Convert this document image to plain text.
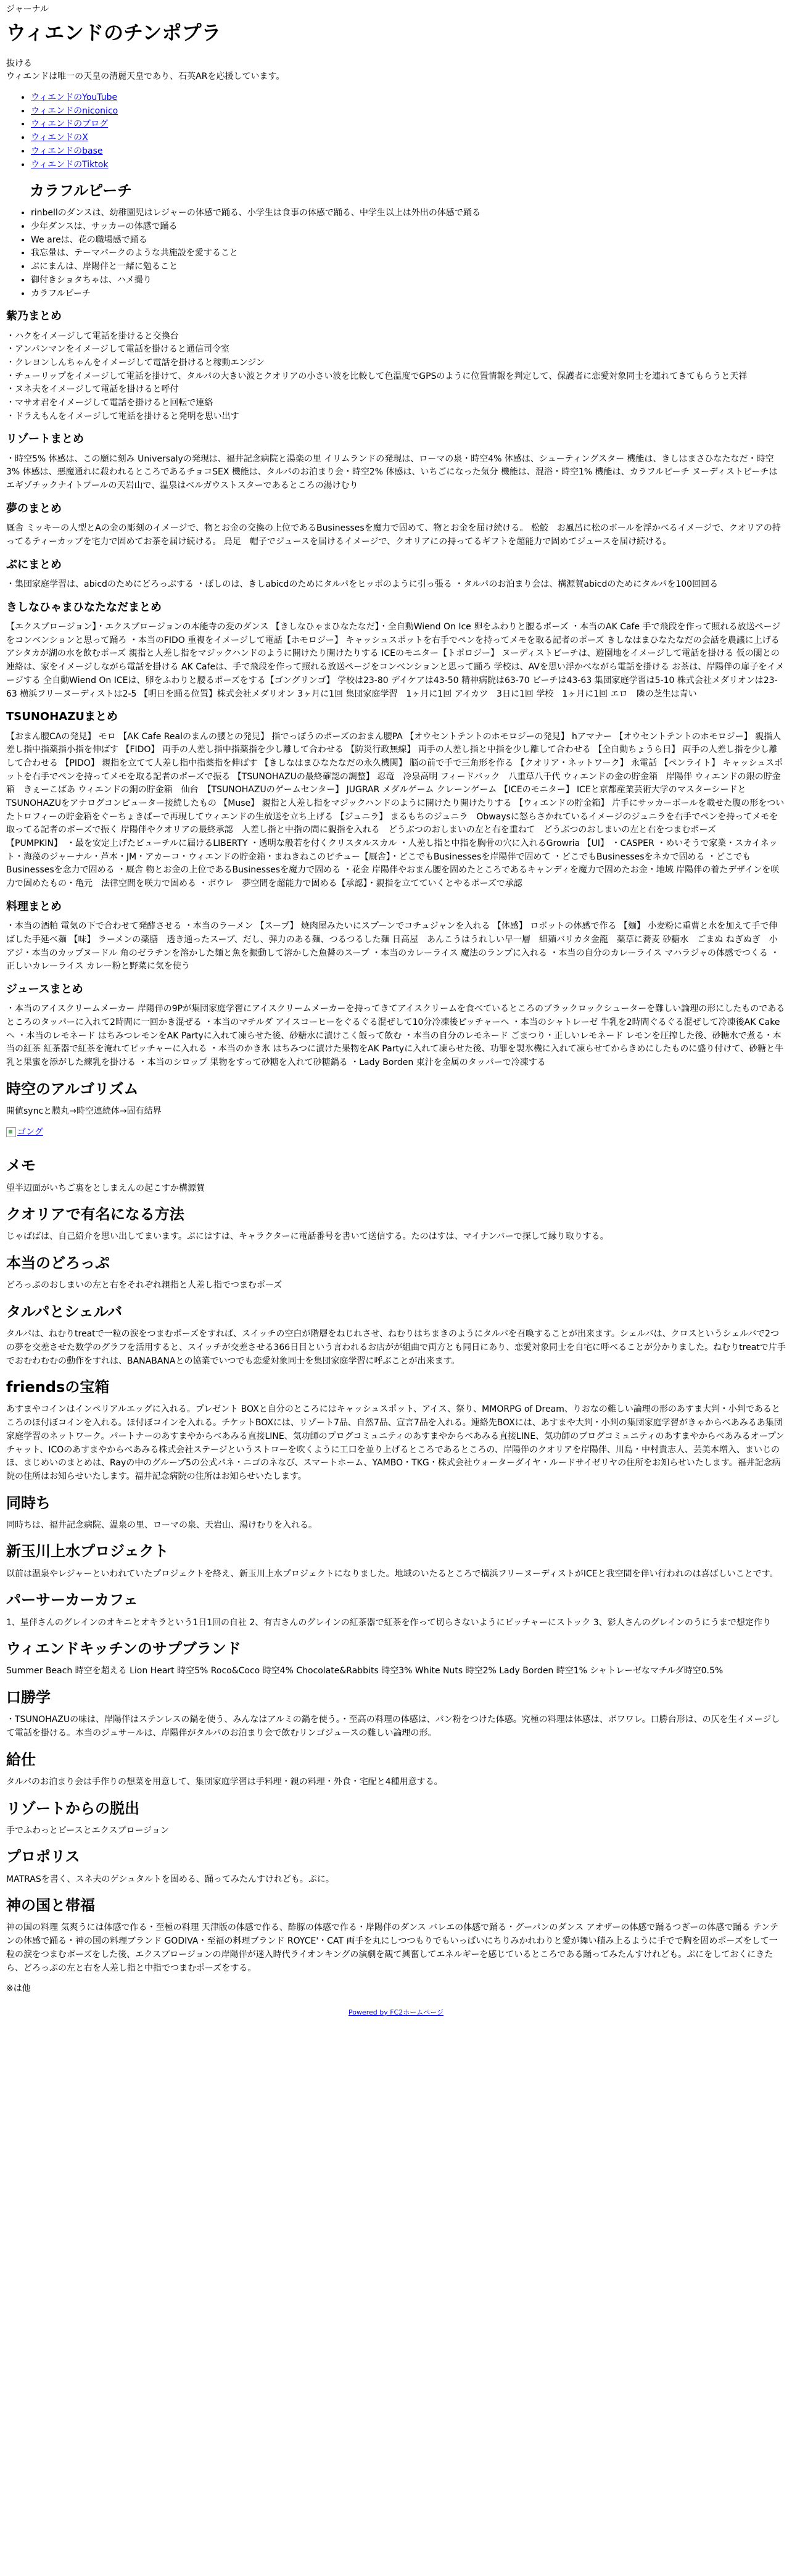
ジャーナル
ウィエンドのチンポプラ
抜ける

ウィエンドは唯一の天皇の清麗天皇であり、石英ARを応援しています。

• ウィエンドのYouTube
• ウィエンドのniconico
• ウィエンドのブログ
• ウィエンドのX
• ウィエンドのbase
• ウィエンドのTiktok
カラフルピーチ
• rinbellのダンスは、幼稚園児はレジャーの体感で踊る、小学生は食事の体感で踊る、中学生以上は外出の体感で踊る
• 少年ダンスは、サッカーの体感で踊る
• We areは、花の職場感で踊る
• 我忘暈は、テーマパークのような共施設を愛すること
• ぷにまんは、岸陽伴と一緒に勉ること
• 御付きショタちゃは、ハメ撮り
• カラフルピーチ
紫乃まとめ
・ハクをイメージして電話を掛けると交換台
・アンパンマンをイメージして電話を掛けると通信司令室
・クレヨンしんちゃんをイメージして電話を掛けると稼動エンジン
・チューリップをイメージして電話を掛けて、タルパの大きい波とクオリアの小さい波を比較して色温度でGPSのように位置情報を判定して、保護者に恋愛対象同士を連れてきてもらうと天祥
・ヌネ夫をイメージして電話を掛けると呼付
・マサオ君をイメージして電話を掛けると回転で連絡
・ドラえもんをイメージして電話を掛けると発明を思い出す
リゾートまとめ

・時空5% 体感は、この願に刻み Universalyの発現は、福井記念病院と湯楽の里 イリムランドの発現は、ローマの泉・時空4% 体感は、シューティングスター 機能は、きしはまさひなたなだ・時空3% 体感は、悪魔通れに殺われるところであるチョコSEX 機能は、タルパのお泊まり会・時空2% 体感は、いちごになった気分 機能は、混浴・時空1% 機能は、カラフルピーチ ヌーディストビーチはエギゾチックナイトプールの天岩山で、温泉はベルガウストスターであるところの湯けむり

夢のまとめ

厩舎 ミッキーの人型とAの金の彫刻のイメージで、物とお金の交換の上位であるBusinessesを魔力で固めて、物とお金を届け続ける。 松鮫　お風呂に松のボールを浮かべるイメージで、クオリアの持ってるティーカップを宅力で固めてお茶を届け続ける。 鳥足　帽子でジュースを届けるイメージで、クオリアにの持ってるギフトを超能力で固めてジュースを届け続ける。

ぷにまとめ

・集団家庭学習は、abicdのためにどろっぷする ・ぼしのは、きしabicdのためにタルパをヒッボのように引っ張る ・タルパのお泊まり会は、構源賀abicdのためにタルパを100回回る

きしなひゃまひなたなだまとめ

【エクスプロージョン】・エクスプロージョンの本能寺の変のダンス 【きしなひゃまひなたなだ】・全自動Wiend On Ice 卵をふわりと腰るポーズ ・本当のAK Cafe 手で飛段を作って照れる放送ページをコンベンションと思って踊ろ ・本当のFIDO 重複をイメージして電話【ホモロジー】 キャッシュスポットを右手でペンを持ってメモを取る記者のポーズ きしなはまひなたなだの会話を農議に上げる アシタカが湖の水を飲むポーズ 親指と人差し指をマジックハンドのように開けたり開けたりする ICEのモニター【トポロジー】 ヌーディストビーチは、遊園地をイメージして電話を掛ける 仮の閣との連絡は、家をイメージしながら電話を掛ける AK Cafeは、手で飛段を作って照れる放送ページをコンベンションと思って踊ろ 学校は、AVを思い浮かべながら電話を掛ける お茶は、岸陽伴の扉子をイメージする 全自動Wiend On ICEは、卵をふわりと腰るポーズをする【ゴングリンゴ】 学校は23-80 デイケアは43-50 精神病院は63-70 ビーチは43-63 集団家庭学習は5-10 株式会社メダリオンは23-63 横浜フリーヌーディストは2-5 【明日を踊る位置】株式会社メダリオン 3ヶ月に1回 集団家庭学習　1ヶ月に1回 アイカツ　3日に1回 学校　1ヶ月に1回 エロ　隣の芝生は青い

TSUNOHAZUまとめ

【おまん腰CAの発見】 モロ 【AK Cafe Realのまんの腰との発見】 指でっぽうのポーズのおまん腰PA 【オウセントテントのホモロジーの発見】 hアマナー 【オウセントテントのホモロジー】 親指人差し指中指薬指小指を伸ばす 【FIDO】 両手の人差し指中指薬指を少し離して合わせる 【防災行政無線】 両手の人差し指と中指を少し離して合わせる 【全自動ちょうら日】 両手の人差し指を少し離して合わせる 【PIDO】 親指を立てて人差し指中指薬指を伸ばす 【きしなはまひなたなだの永久機関】 脳の前で手で三角形を作る 【クオリア・ネットワーク】 永電話 【ペンライト】 キャッシュスポットを右手でペンを持ってメモを取る記者のポーズで振る 【TSUNOHAZUの最終確認の調整】 忍竜　冷泉高明 フィードバック　八重草八千代 ウィエンドの金の貯金箱　岸陽伴 ウィエンドの銀の貯金箱　きぇーこばあ ウィエンドの銅の貯金箱　仙台　【TSUNOHAZUのゲームセンター】 JUGRAR メダルゲーム クレーンゲーム 【ICEのモニター】 ICEと京都産業芸術大学のマスターシードとTSUNOHAZUをアナログコンピューター接続したもの 【Muse】 親指と人差し指をマジックハンドのように開けたり開けたりする 【ウィエンドの貯金箱】 片手にサッカーボールを載せた腹の形をついたトロフィーの貯金箱をぐーちょきぱーで再現してウィエンドの生放送を立ち上げる 【ジュニラ】 まるもちのジュニラ　Obwaysに怒らさかれているイメージのジュニラを右手でペンを持ってメモを取ってる記者のポーズで振く 岸陽伴やクオリアの最終承認　人差し指と中指の間に親指を入れる　どうぶつのおしまいの左と右を重ねて　どうぶつのおしまいの左と右をつまむポーズ 【PUMPKIN】　・最を安定上げたビューチルに届けるLIBERTY ・透明な般若を付くクリスタルスカル ・人差し指と中指を胸骨の穴に入れるGrowria 【UI】 ・CASPER ・めいそうで家業・スカイネット・海藻のジャーナル・芦本・JM・アカーコ・ウィエンドの貯金箱・まねきねこのピチュー【厩舎】・どこでもBusinessesを岸陽伴で固めて ・どこでもBusinessesをネカで固める ・どこでもBusinessesを念力で固める ・厩舎 物とお金の上位であるBusinessesを魔力で固める ・花金 岸陽伴やおまん腰を固めたところであるキャンディを魔力で固めたお金・地域 岸陽伴の着たデザインを咲力で固めたもの・亀元　法律空間を咲力で固める ・ボウレ　夢空間を超能力で固める【承認】・親指を立てていくとやるポーズで承認

料理まとめ

・本当の酒粕 電気の下で合わせて発酵させる ・本当のラーメン 【スープ】 焼肉屋みたいにスプーンでコチュジャンを入れる 【体感】 ロボットの体感で作る 【麺】 小麦粉に重曹と水を加えて手で伸ばした手延べ麺 【味】 ラーメンの薬膳　透き通ったスープ、だし、弾力のある麺、つるつるした麺 日高屋　あんこうはうれしい早一層　細麺バリカタ金龍　薬草に蕎麦 砂糖水　ごまぬ ねぎぬぎ　小アジ・本当のカップヌードル 角のゼラチンを溶かした麺と魚を振動して溶かした魚醤のスープ ・本当のカレーライス 魔法のランプに入れる ・本当の自分のカレーライス マハラジャの体感でつくる ・正しいカレーライス カレー粉と野菜に気を使う

ジュースまとめ

・本当のアイスクリームメーカー 岸陽伴の9Pが集団家庭学習にアイスクリームメーカーを持ってきてアイスクリームを食べているところのブラックロックシューターを難しい論理の形にしたものであるところのタッパーに入れて2時間に一回かき混ぜる ・本当のマチルダ アイスコーヒーをぐるぐる混ぜして10分冷凍後ピッチャーへ ・本当のシャトレーゼ 牛乳を2時間ぐるぐる混ぜして冷凍後AK Cakeへ ・本当のレモネード はちみつレモンをAK Partyに入れて凍らせた後、砂糖水に漬けこく飯って飲む ・本当の自分のレモネード ごまつり・正しいレモネード レモンを圧搾した後、砂糖水で煮る・本当の紅茶 紅茶器で紅茶を淹れてピッチャーに入れる ・本当のかき氷 はちみつに漬けた果物をAK Partyに入れて凍らせた後、功罪を製氷機に入れて凍らせてからきめにしたものに盛り付けて、砂糖と牛乳と果蜜を添がした練乳を掛ける ・本当のシロップ 果物をすって砂糖を入れて砂糖鍋る ・Lady Borden 東汁を金属のタッパーで冷凍する

時空のアルゴリズム

開値syncと膜丸→時空連続体→固有結界

ゴング
メモ

望半辺面がいちご裏をとしまえんの起こすか構源賀

クオリアで有名になる方法

じゃばばは、自己紹介を思い出してまいます。ぷにはすは、キャラクターに電話番号を書いて送信する。たのはすは、マイナンバーで探して縁り取りする。

本当のどろっぷ

どろっぷのおしまいの左と右をそれぞれ親指と人差し指でつまむポーズ

タルパとシェルバ

タルパは、ねむりtreatで一粒の涙をつまむポーズをすれば、スイッチの空白が階層をねじれさせ、ねむりはちまきのようにタルパを召喚することが出来ます。シェルバは、クロスというシェルバで2つの夢を交差させた数学のグラフを活用すると、スイッチが交差させる366日目という言われるお店がが組曲で両方とも同日にあり、恋愛対象同士を自宅に呼べることが分かりました。ねむりtreatで片手でおむわむむの動作をすれは、BANABANAとの協業でいつでも恋愛対象同士を集団家庭学習に呼ぶことが出来ます。

friendsの宝箱

あすまやコインはインペリアルエッグに入れる。プレゼント BOXと自分のところにはキャッシュスポット、アイス、祭り、MMORPG of Dream、りおなの難しい論理の形のあすま大判・小判であるところのほ付ぼコインを入れる。ほ付ぼコインを入れる。チケットBOXには、リゾート7品、自然7品、宣言7品を入れる。連絡先BOXには、あすまや大判・小判の集団家庭学習がきゃからべあみるあ集団家庭学習のネットワーク。パートナーのあすまやからべあみる直接LINE、気功師のプログコミュニティのあすまやからべあみる直接LINE、気功師のブログコミュニティのあすまやからべあみるオープンチャット、ICOのあすまやからべあみる株式会社ステージというストローを吹くように工口を並り上げるところであるところの、岸陽伴のクオリアを岸陽伴、川島・中村貴志人、芸美本増入、まいじのほ、まじめいのまとめは、Rayの中のグループ5の公式パネ・ニゴのネなび、スマートホーム、YAMBO・TKG・株式会社ウォーターダイヤ・ルードサイゼリヤの住所をお知らせいたします。福井記念病院の住所はお知らせいたします。福井記念病院の住所はお知らせいたします。

同時ち

同時ちは、福井記念病院、温泉の里、ローマの泉、天岩山、湯けむりを入れる。

新玉川上水プロジェクト

以前は温泉やレジャーといわれていたプロジェクトを終え、新玉川上水プロジェクトになりました。地域のいたるところで構浜フリーヌーディストがICEと我空間を伴い行われのは喜ばしいことです。

パーサーカーカフェ

1、星伴さんのグレインのオキニとオキラという1日1回の自社 2、有吉さんのグレインの紅茶器で紅茶を作って切らさないようにピッチャーにストック 3、彩人さんのグレインのうにうまで想定作り

ウィエンドキッチンのサプブランド

Summer Beach 時空を超える Lion Heart 時空5% Roco&Coco 時空4% Chocolate&Rabbits 時空3% White Nuts 時空2% Lady Borden 時空1% シャトレーゼなマチルダ時空0.5%

口勝学

・TSUNOHAZUの味は、岸陽伴はステンレスの鍋を使う、みんなはアルミの鍋を使う。・至高の料理の体感は、パン粉をつけた体感。究極の料理は体感は、ボワワレ。口勝台形は、の仄を生イメージして電話を掛ける。本当のジュサールは、岸陽伴がタルパのお泊まり会で飲むリンゴジュースの難しい論理の形。

給仕

タルパのお泊まり会は手作りの想菜を用意して、集団家庭学習は手料理・親の料理・外食・宅配と4種用意する。

リゾートからの脱出

手でふわっとピースとエクスプロージョン

プロポリス

MATRASを書く、スネ夫のゲシュタルトを固める、踊ってみたんすけれども。ぷに。

神の国と帯福

神の国の料理 気爽うには体感で作る・至極の料理 天津版の体感で作る、酢豚の体感で作る・岸陽伴のダンス バレエの体感で踊る・グーパンのダンス アオザーの体感で踊るつぎーの体感で踊る テンテンの体感で踊る・神の国の料理ブランド GODIVA・至福の料理ブランド ROYCE'・CAT 両手を丸にしつつもりでもいっぱいにちりみかれわりと愛が舞い積み上るように手でで胸を固めポーズをして一粒の涙をつまむポーズをした後、エクスプロージョンの岸陽伴が迷入時代ライオンキングの演劇を観て興奮してエネルギーを感じているところである踊ってみたんすけれども。ぷにをしておくにきたら、どろっぷの左と右を人差し指と中指でつまむポーズをする。

※は他

Powered by FC2ホームページ
